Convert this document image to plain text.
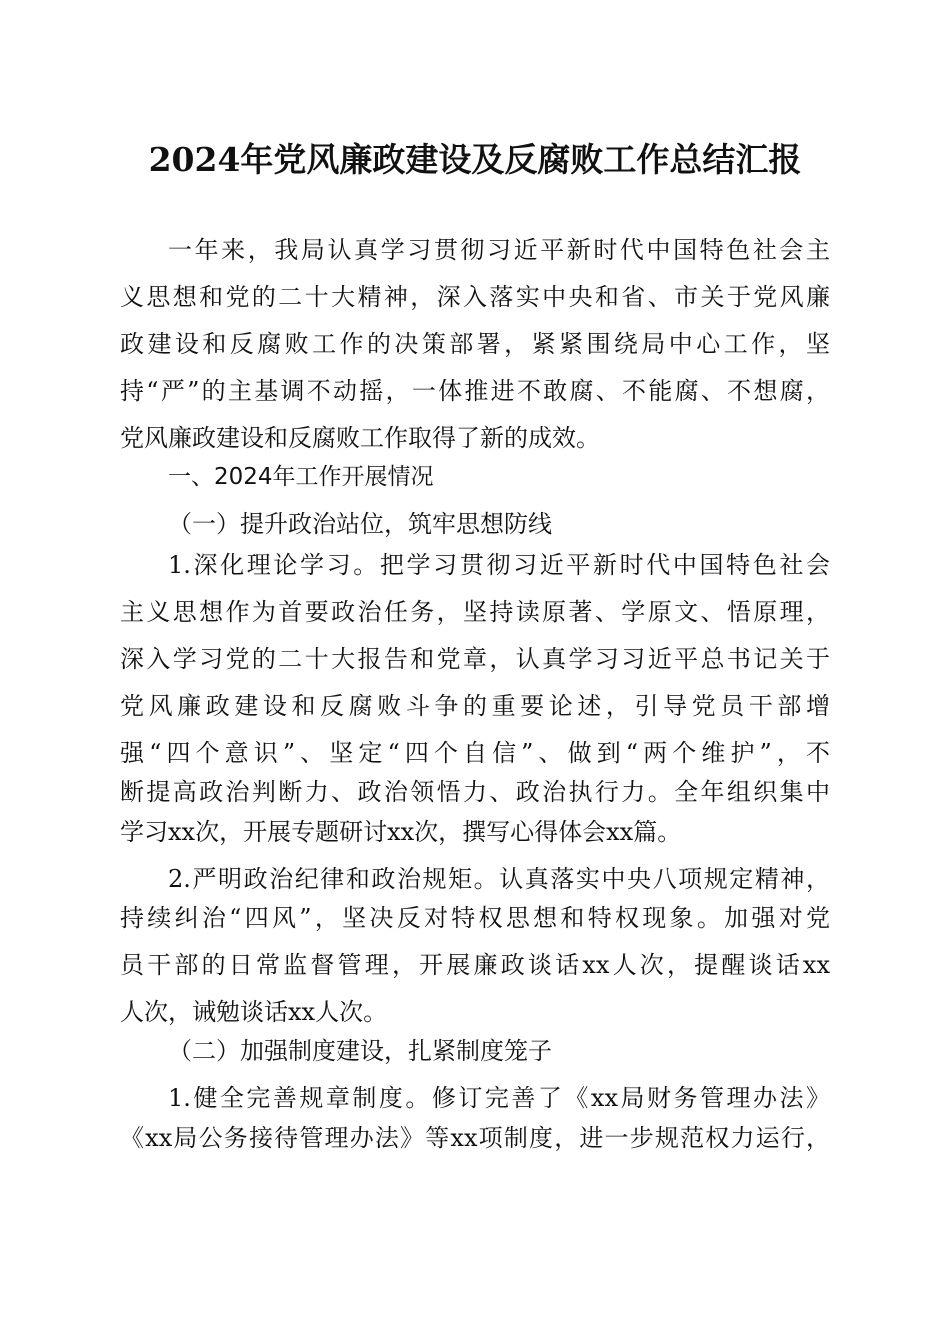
2024年党风廉政建设及反腐败工作总结汇报
一年来，我局认真学习贯彻习近平新时代中国特色社会主
义思想和党的二十大精神，深入落实中央和省、市关于党风廉
政建设和反腐败工作的决策部署，紧紧围绕局中心工作，坚
持“严”的主基调不动摇，一体推进不敢腐、不能腐、不想腐，
党风廉政建设和反腐败工作取得了新的成效。
一、2024年工作开展情况
（一）提升政治站位，筑牢思想防线
1.深化理论学习。把学习贯彻习近平新时代中国特色社会
主义思想作为首要政治任务，坚持读原著、学原文、悟原理，
深入学习党的二十大报告和党章，认真学习习近平总书记关于
党风廉政建设和反腐败斗争的重要论述，引导党员干部增
强“四个意识”、坚定“四个自信”、做到“两个维护”，不
断提高政治判断力、政治领悟力、政治执行力。全年组织集中
学习xx次，开展专题研讨xx次，撰写心得体会xx篇。
2.严明政治纪律和政治规矩。认真落实中央八项规定精神，
持续纠治“四风”，坚决反对特权思想和特权现象。加强对党
员干部的日常监督管理，开展廉政谈话xx人次，提醒谈话xx
人次，诫勉谈话xx人次。
（二）加强制度建设，扎紧制度笼子
1.健全完善规章制度。修订完善了《xx局财务管理办法》
《xx局公务接待管理办法》等xx项制度，进一步规范权力运行，
